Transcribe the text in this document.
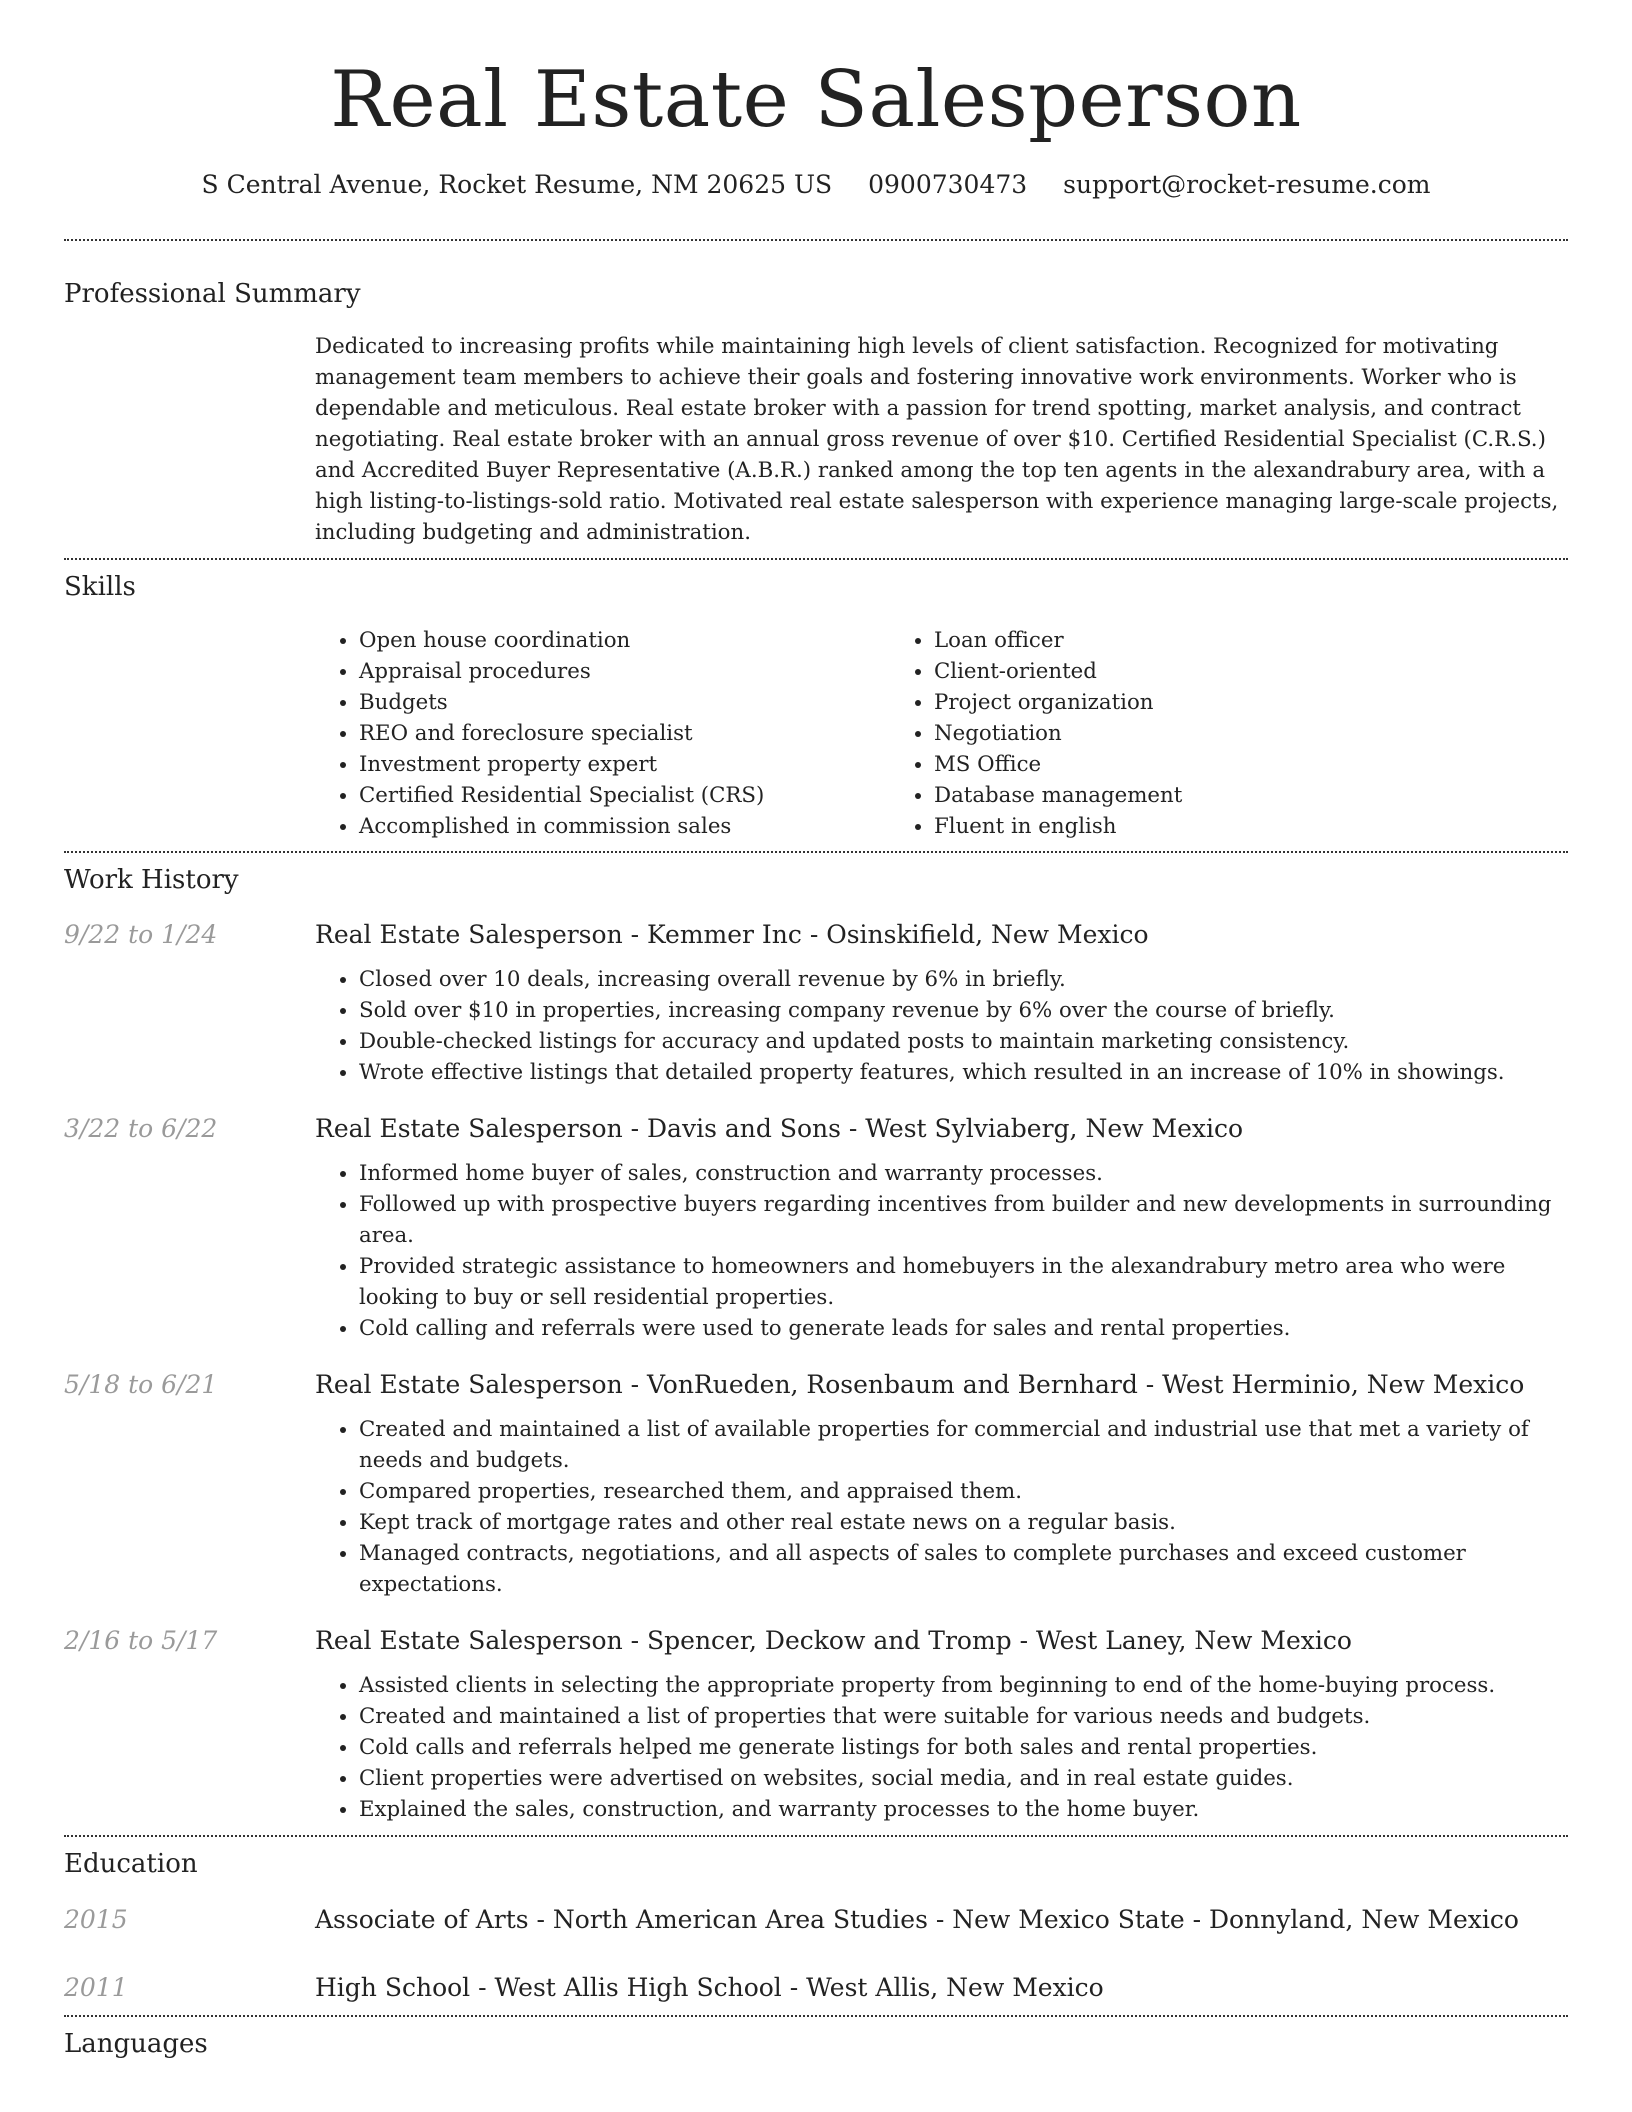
Real Estate Salesperson
S Central Avenue, Rocket Resume, NM 20625 US 0900730473 support@rocket-resume.com
Professional Summary

Dedicated to increasing profits while maintaining high levels of client satisfaction. Recognized for motivating management team members to achieve their goals and fostering innovative work environments. Worker who is dependable and meticulous. Real estate broker with a passion for trend spotting, market analysis, and contract negotiating. Real estate broker with an annual gross revenue of over $10. Certified Residential Specialist (C.R.S.) and Accredited Buyer Representative (A.B.R.) ranked among the top ten agents in the alexandrabury area, with a high listing-to-listings-sold ratio. Motivated real estate salesperson with experience managing large-scale projects, including budgeting and administration.

Skills
• Open house coordination
• Appraisal procedures
• Budgets
• REO and foreclosure specialist
• Investment property expert
• Certified Residential Specialist (CRS)
• Accomplished in commission sales
• Loan officer
• Client-oriented
• Project organization
• Negotiation
• MS Office
• Database management
• Fluent in english
Work History
9/22 to 1/24	Real Estate Salesperson - Kemmer Inc - Osinskifield, New Mexico
• Closed over 10 deals, increasing overall revenue by 6% in briefly.
• Sold over $10 in properties, increasing company revenue by 6% over the course of briefly.
• Double-checked listings for accuracy and updated posts to maintain marketing consistency.
• Wrote effective listings that detailed property features, which resulted in an increase of 10% in showings.
3/22 to 6/22	Real Estate Salesperson - Davis and Sons - West Sylviaberg, New Mexico
• Informed home buyer of sales, construction and warranty processes.
• Followed up with prospective buyers regarding incentives from builder and new developments in surrounding area.
• Provided strategic assistance to homeowners and homebuyers in the alexandrabury metro area who were looking to buy or sell residential properties.
• Cold calling and referrals were used to generate leads for sales and rental properties.
5/18 to 6/21	Real Estate Salesperson - VonRueden, Rosenbaum and Bernhard - West Herminio, New Mexico
• Created and maintained a list of available properties for commercial and industrial use that met a variety of needs and budgets.
• Compared properties, researched them, and appraised them.
• Kept track of mortgage rates and other real estate news on a regular basis.
• Managed contracts, negotiations, and all aspects of sales to complete purchases and exceed customer expectations.
2/16 to 5/17	Real Estate Salesperson - Spencer, Deckow and Tromp - West Laney, New Mexico
• Assisted clients in selecting the appropriate property from beginning to end of the home-buying process.
• Created and maintained a list of properties that were suitable for various needs and budgets.
• Cold calls and referrals helped me generate listings for both sales and rental properties.
• Client properties were advertised on websites, social media, and in real estate guides.
• Explained the sales, construction, and warranty processes to the home buyer.
Education
2015	Associate of Arts - North American Area Studies - New Mexico State - Donnyland, New Mexico
2011	High School - West Allis High School - West Allis, New Mexico
Languages
